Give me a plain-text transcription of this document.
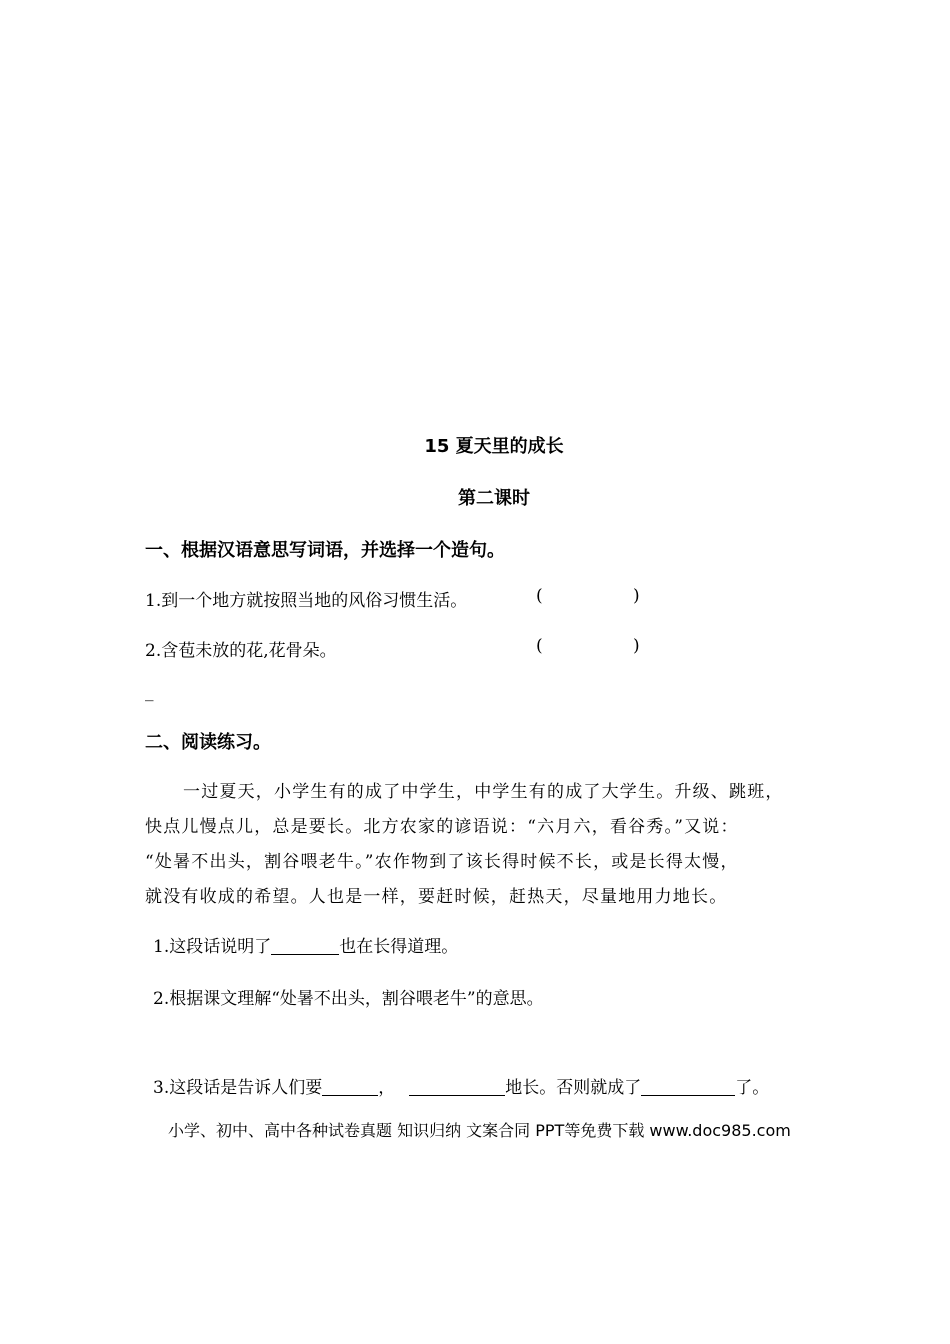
15 夏天里的成长
第二课时
一、根据汉语意思写词语，并选择一个造句。
1.到一个地方就按照当地的风俗习惯生活。	(	)
2.含苞未放的花,花骨朵。	(	)
_
二、阅读练习。
一过夏天，小学生有的成了中学生，中学生有的成了大学生。升级、跳班，
快点儿慢点儿，总是要长。北方农家的谚语说：“六月六，看谷秀。”又说：
“处暑不出头，割谷喂老牛。”农作物到了该长得时候不长，或是长得太慢，
就没有收成的希望。人也是一样，要赶时候，赶热天，尽量地用力地长。
1.这段话说明了	也在长得道理。
2.根据课文理解“处暑不出头，割谷喂老牛”的意思。
3.这段话是告诉人们要	，	地长。否则就成了	了。
小学、初中、高中各种试卷真题 知识归纳 文案合同 PPT等免费下载 www.doc985.com
